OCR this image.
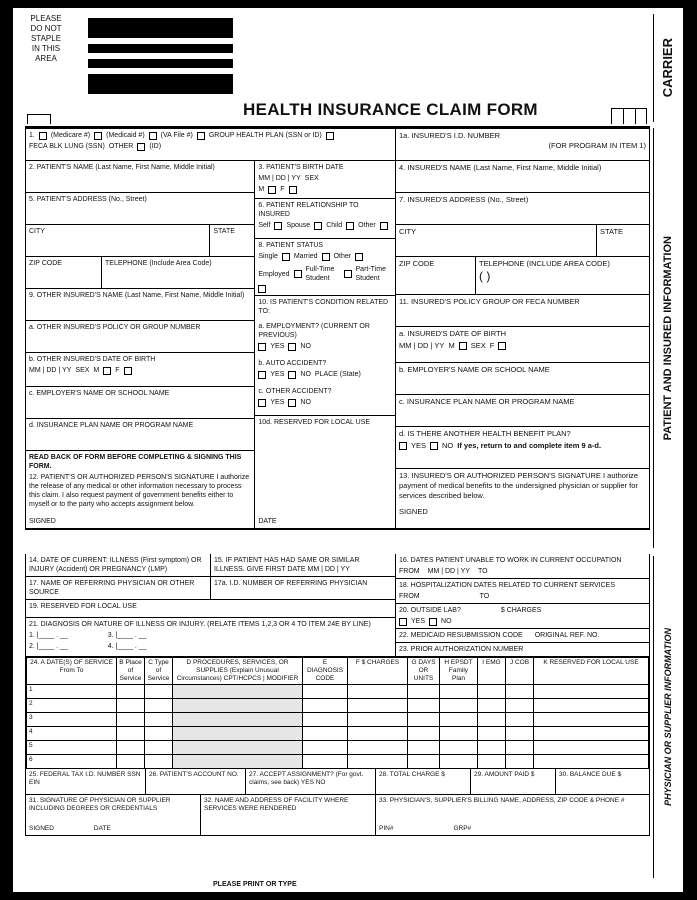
PLEASE
DO NOT
STAPLE
IN THIS
AREA
HEALTH INSURANCE CLAIM FORM
CARRIER
PATIENT AND INSURED INFORMATION
PHYSICIAN OR SUPPLIER INFORMATION
1. (Medicare #) (Medicaid #) (VA File #) GROUP HEALTH PLAN (SSN or ID)
FECA BLK LUNG (SSN) OTHER (ID)
2. PATIENT'S NAME (Last Name, First Name, Middle Initial)
5. PATIENT'S ADDRESS (No., Street)
CITY	STATE
ZIP CODE	TELEPHONE (Include Area Code)
9. OTHER INSURED'S NAME (Last Name, First Name, Middle Initial)
a. OTHER INSURED'S POLICY OR GROUP NUMBER
b. OTHER INSURED'S DATE OF BIRTH
MM | DD | YY SEX M F
c. EMPLOYER'S NAME OR SCHOOL NAME
d. INSURANCE PLAN NAME OR PROGRAM NAME
READ BACK OF FORM BEFORE COMPLETING & SIGNING THIS FORM.
12. PATIENT'S OR AUTHORIZED PERSON'S SIGNATURE I authorize the release of any medical or other information necessary to process this claim. I also request payment of government benefits either to myself or to the party who accepts assignment below.
SIGNED
3. PATIENT'S BIRTH DATE
MM | DD | YY SEX
M F
6. PATIENT RELATIONSHIP TO INSURED
Self Spouse Child Other
8. PATIENT STATUS
Single Married Other
Employed
Full-Time Student
Part-Time Student
10. IS PATIENT'S CONDITION RELATED TO:
a. EMPLOYMENT? (CURRENT OR PREVIOUS)
YES NO
b. AUTO ACCIDENT?
YES NO PLACE (State)
c. OTHER ACCIDENT?
YES NO
10d. RESERVED FOR LOCAL USE
DATE
1a. INSURED'S I.D. NUMBER
(FOR PROGRAM IN ITEM 1)
4. INSURED'S NAME (Last Name, First Name, Middle Initial)
7. INSURED'S ADDRESS (No., Street)
CITY	STATE
ZIP CODE	TELEPHONE (INCLUDE AREA CODE)
( )
11. INSURED'S POLICY GROUP OR FECA NUMBER
a. INSURED'S DATE OF BIRTH
MM | DD | YY M SEX F
b. EMPLOYER'S NAME OR SCHOOL NAME
c. INSURANCE PLAN NAME OR PROGRAM NAME
d. IS THERE ANOTHER HEALTH BENEFIT PLAN?
YES NO If yes, return to and complete item 9 a-d.
13. INSURED'S OR AUTHORIZED PERSON'S SIGNATURE I authorize payment of medical benefits to the undersigned physician or supplier for services described below.
SIGNED
14. DATE OF CURRENT: ILLNESS (First symptom) OR INJURY (Accident) OR PREGNANCY (LMP)
15. IF PATIENT HAS HAD SAME OR SIMILAR ILLNESS. GIVE FIRST DATE MM | DD | YY
17. NAME OF REFERRING PHYSICIAN OR OTHER SOURCE
17a. I.D. NUMBER OF REFERRING PHYSICIAN
19. RESERVED FOR LOCAL USE
21. DIAGNOSIS OR NATURE OF ILLNESS OR INJURY. (RELATE ITEMS 1,2,3 OR 4 TO ITEM 24E BY LINE)
1. |____ . __	3. |____ . __
2. |____ . __	4. |____ . __
16. DATES PATIENT UNABLE TO WORK IN CURRENT OCCUPATION
FROM MM | DD | YY TO
18. HOSPITALIZATION DATES RELATED TO CURRENT SERVICES
FROM	TO
20. OUTSIDE LAB?	$ CHARGES
YES NO
22. MEDICAID RESUBMISSION CODE ORIGINAL REF. NO.
23. PRIOR AUTHORIZATION NUMBER
24. A DATE(S) OF SERVICE From To	B Place of Service	C Type of Service	D PROCEDURES, SERVICES, OR SUPPLIES (Explain Unusual Circumstances) CPT/HCPCS | MODIFIER	E DIAGNOSIS CODE	F $ CHARGES	G DAYS OR UNITS	H EPSDT Family Plan	I EMG	J COB	K RESERVED FOR LOCAL USE
1										
2										
3										
4										
5										
6										
25. FEDERAL TAX I.D. NUMBER SSN EIN
26. PATIENT'S ACCOUNT NO.	27. ACCEPT ASSIGNMENT? (For govt. claims, see back) YES NO
28. TOTAL CHARGE $	29. AMOUNT PAID $	30. BALANCE DUE $
31. SIGNATURE OF PHYSICIAN OR SUPPLIER INCLUDING DEGREES OR CREDENTIALS
SIGNED	DATE
32. NAME AND ADDRESS OF FACILITY WHERE SERVICES WERE RENDERED
33. PHYSICIAN'S, SUPPLIER'S BILLING NAME, ADDRESS, ZIP CODE & PHONE #
PIN#	GRP#
PLEASE PRINT OR TYPE
